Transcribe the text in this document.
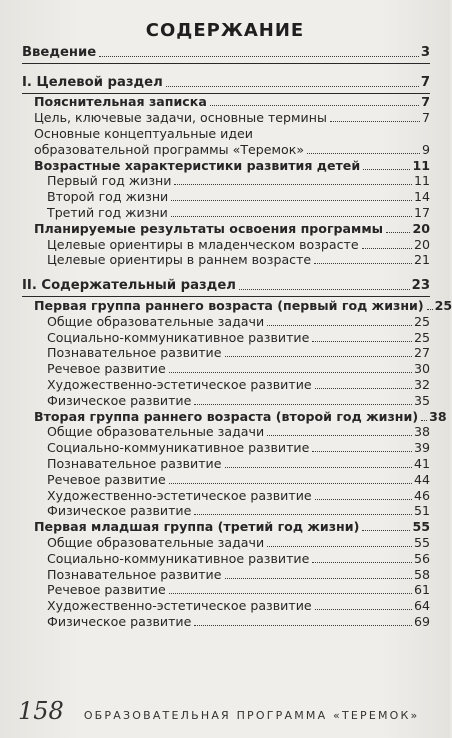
СОДЕРЖАНИЕ
Введение	3
I. Целевой раздел	7
Пояснительная записка	7
Цель, ключевые задачи, основные термины	7
Основные концептуальные идеи
образовательной программы «Теремок»	9
Возрастные характеристики развития детей	11
Первый год жизни	11
Второй год жизни	14
Третий год жизни	17
Планируемые результаты освоения программы 20
Целевые ориентиры в младенческом возрасте	20
Целевые ориентиры в раннем возрасте	21
II. Содержательный раздел	23
Первая группа раннего возраста (первый год жизни) 25
Общие образовательные задачи	25
Социально-коммуникативное развитие	25
Познавательное развитие	27
Речевое развитие	30
Художественно-эстетическое развитие	32
Физическое развитие	35
Вторая группа раннего возраста (второй год жизни) 38
Общие образовательные задачи	38
Социально-коммуникативное развитие	39
Познавательное развитие	41
Речевое развитие	44
Художественно-эстетическое развитие	46
Физическое развитие	51
Первая младшая группа (третий год жизни)	55
Общие образовательные задачи	55
Социально-коммуникативное развитие	56
Познавательное развитие	58
Речевое развитие	61
Художественно-эстетическое развитие	64
Физическое развитие	69
158 ОБРАЗОВАТЕЛЬНАЯ ПРОГРАММА «ТЕРЕМОК»
